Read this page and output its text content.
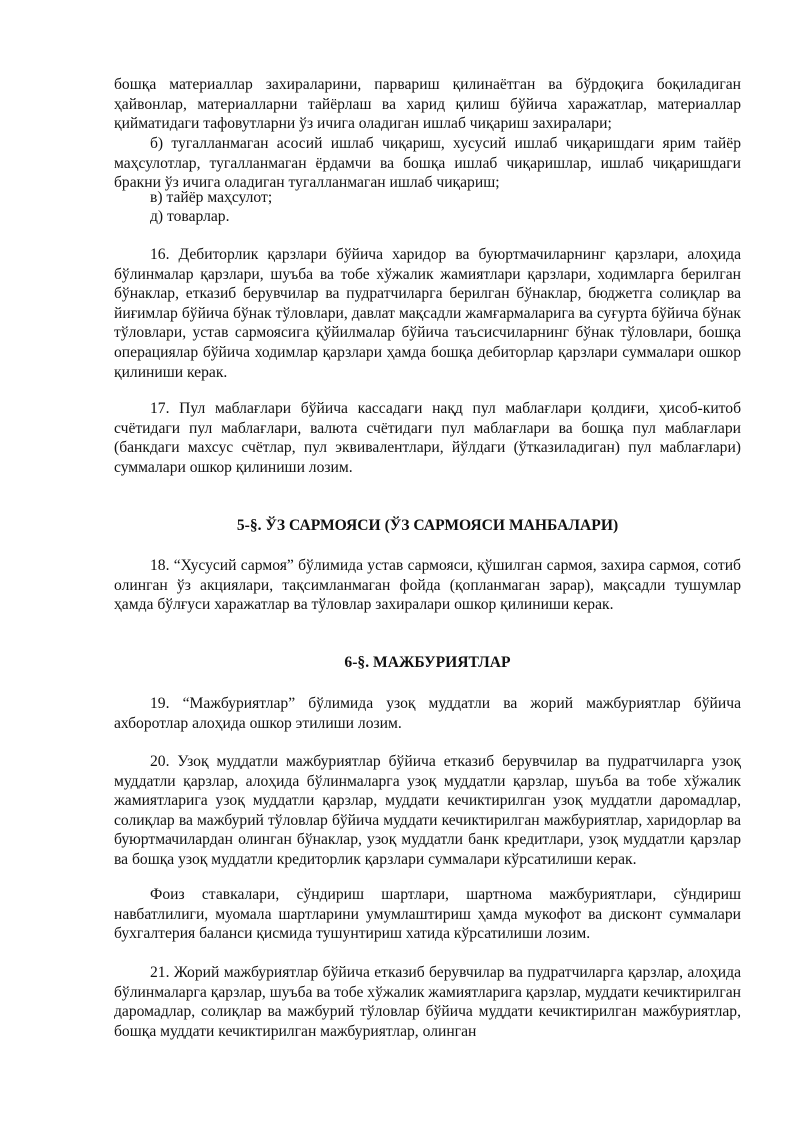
бошқа материаллар захираларини, парвариш қилинаётган ва бўрдоқига боқиладиган ҳайвонлар, материалларни тайёрлаш ва харид қилиш бўйича харажатлар, материаллар қийматидаги тафовутларни ўз ичига оладиган ишлаб чиқариш захиралари;

б) тугалланмаган асосий ишлаб чиқариш, хусусий ишлаб чиқаришдаги ярим тайёр маҳсулотлар, тугалланмаган ёрдамчи ва бошқа ишлаб чиқаришлар, ишлаб чиқаришдаги бракни ўз ичига оладиган тугалланмаган ишлаб чиқариш;

в) тайёр маҳсулот;

д) товарлар.

16. Дебиторлик қарзлари бўйича харидор ва буюртмачиларнинг қарзлари, алоҳида бўлинмалар қарзлари, шуъба ва тобе хўжалик жамиятлари қарзлари, ходимларга берилган бўнаклар, етказиб берувчилар ва пудратчиларга берилган бўнаклар, бюджетга солиқлар ва йиғимлар бўйича бўнак тўловлари, давлат мақсадли жамғармаларига ва суғурта бўйича бўнак тўловлари, устав сармоясига қўйилмалар бўйича таъсисчиларнинг бўнак тўловлари, бошқа операциялар бўйича ходимлар қарзлари ҳамда бошқа дебиторлар қарзлари суммалари ошкор қилиниши керак.

17. Пул маблағлари бўйича кассадаги нақд пул маблағлари қолдиғи, ҳисоб-китоб счётидаги пул маблағлари, валюта счётидаги пул маблағлари ва бошқа пул маблағлари (банкдаги махсус счётлар, пул эквивалентлари, йўлдаги (ўтказиладиган) пул маблағлари) суммалари ошкор қилиниши лозим.

5-§. ЎЗ САРМОЯСИ (ЎЗ САРМОЯСИ МАНБАЛАРИ)

18. “Хусусий сармоя” бўлимида устав сармояси, қўшилган сармоя, захира сармоя, сотиб олинган ўз акциялари, тақсимланмаган фойда (қопланмаган зарар), мақсадли тушумлар ҳамда бўлғуси харажатлар ва тўловлар захиралари ошкор қилиниши керак.

6-§. МАЖБУРИЯТЛАР

19. “Мажбуриятлар” бўлимида узоқ муддатли ва жорий мажбуриятлар бўйича ахборотлар алоҳида ошкор этилиши лозим.

20. Узоқ муддатли мажбуриятлар бўйича етказиб берувчилар ва пудратчиларга узоқ муддатли қарзлар, алоҳида бўлинмаларга узоқ муддатли қарзлар, шуъба ва тобе хўжалик жамиятларига узоқ муддатли қарзлар, муддати кечиктирилган узоқ муддатли даромадлар, солиқлар ва мажбурий тўловлар бўйича муддати кечиктирилган мажбуриятлар, харидорлар ва буюртмачилардан олинган бўнаклар, узоқ муддатли банк кредитлари, узоқ муддатли қарзлар ва бошқа узоқ муддатли кредиторлик қарзлари суммалари кўрсатилиши керак.

Фоиз ставкалари, сўндириш шартлари, шартнома мажбуриятлари, сўндириш навбатлилиги, муомала шартларини умумлаштириш ҳамда мукофот ва дисконт суммалари бухгалтерия баланси қисмида тушунтириш хатида кўрсатилиши лозим.

21. Жорий мажбуриятлар бўйича етказиб берувчилар ва пудратчиларга қарзлар, алоҳида бўлинмаларга қарзлар, шуъба ва тобе хўжалик жамиятларига қарзлар, муддати кечиктирилган даромадлар, солиқлар ва мажбурий тўловлар бўйича муддати кечиктирилган мажбуриятлар, бошқа муддати кечиктирилган мажбуриятлар, олинган
